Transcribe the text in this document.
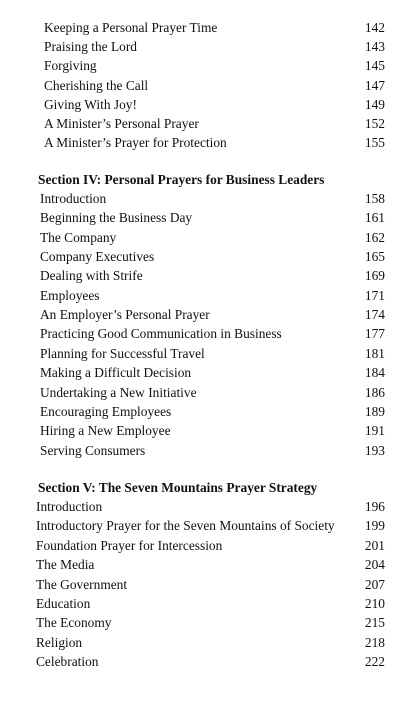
Keeping a Personal Prayer Time	142
Praising the Lord	143
Forgiving	145
Cherishing the Call	147
Giving With Joy!	149
A Minister’s Personal Prayer	152
A Minister’s Prayer for Protection	155
Section IV: Personal Prayers for Business Leaders
Introduction	158
Beginning the Business Day	161
The Company	162
Company Executives	165
Dealing with Strife	169
Employees	171
An Employer’s Personal Prayer	174
Practicing Good Communication in Business	177
Planning for Successful Travel	181
Making a Difficult Decision	184
Undertaking a New Initiative	186
Encouraging Employees	189
Hiring a New Employee	191
Serving Consumers	193
Section V: The Seven Mountains Prayer Strategy
Introduction	196
Introductory Prayer for the Seven Mountains of Society 199
Foundation Prayer for Intercession	201
The Media	204
The Government	207
Education	210
The Economy	215
Religion	218
Celebration	222
